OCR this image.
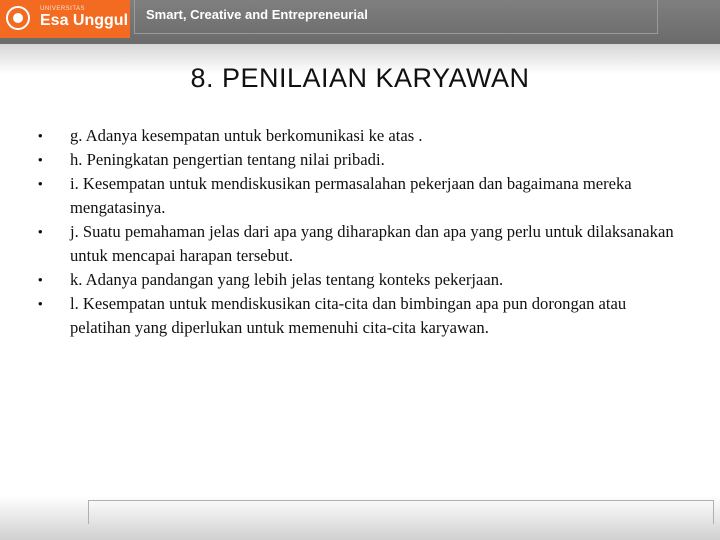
UNIVERSITAS
Esa Unggul Smart, Creative and Entrepreneurial
8. PENILAIAN KARYAWAN
• g. Adanya kesempatan untuk berkomunikasi ke atas .
• h. Peningkatan pengertian tentang nilai pribadi.
• i. Kesempatan untuk mendiskusikan permasalahan pekerjaan dan bagaimana mereka mengatasinya.
• j. Suatu pemahaman jelas dari apa yang diharapkan dan apa yang perlu untuk dilaksanakan untuk mencapai harapan tersebut.
• k. Adanya pandangan yang lebih jelas tentang konteks pekerjaan.
• l. Kesempatan untuk mendiskusikan cita-cita dan bimbingan apa pun dorongan atau pelatihan yang diperlukan untuk memenuhi cita-cita karyawan.
